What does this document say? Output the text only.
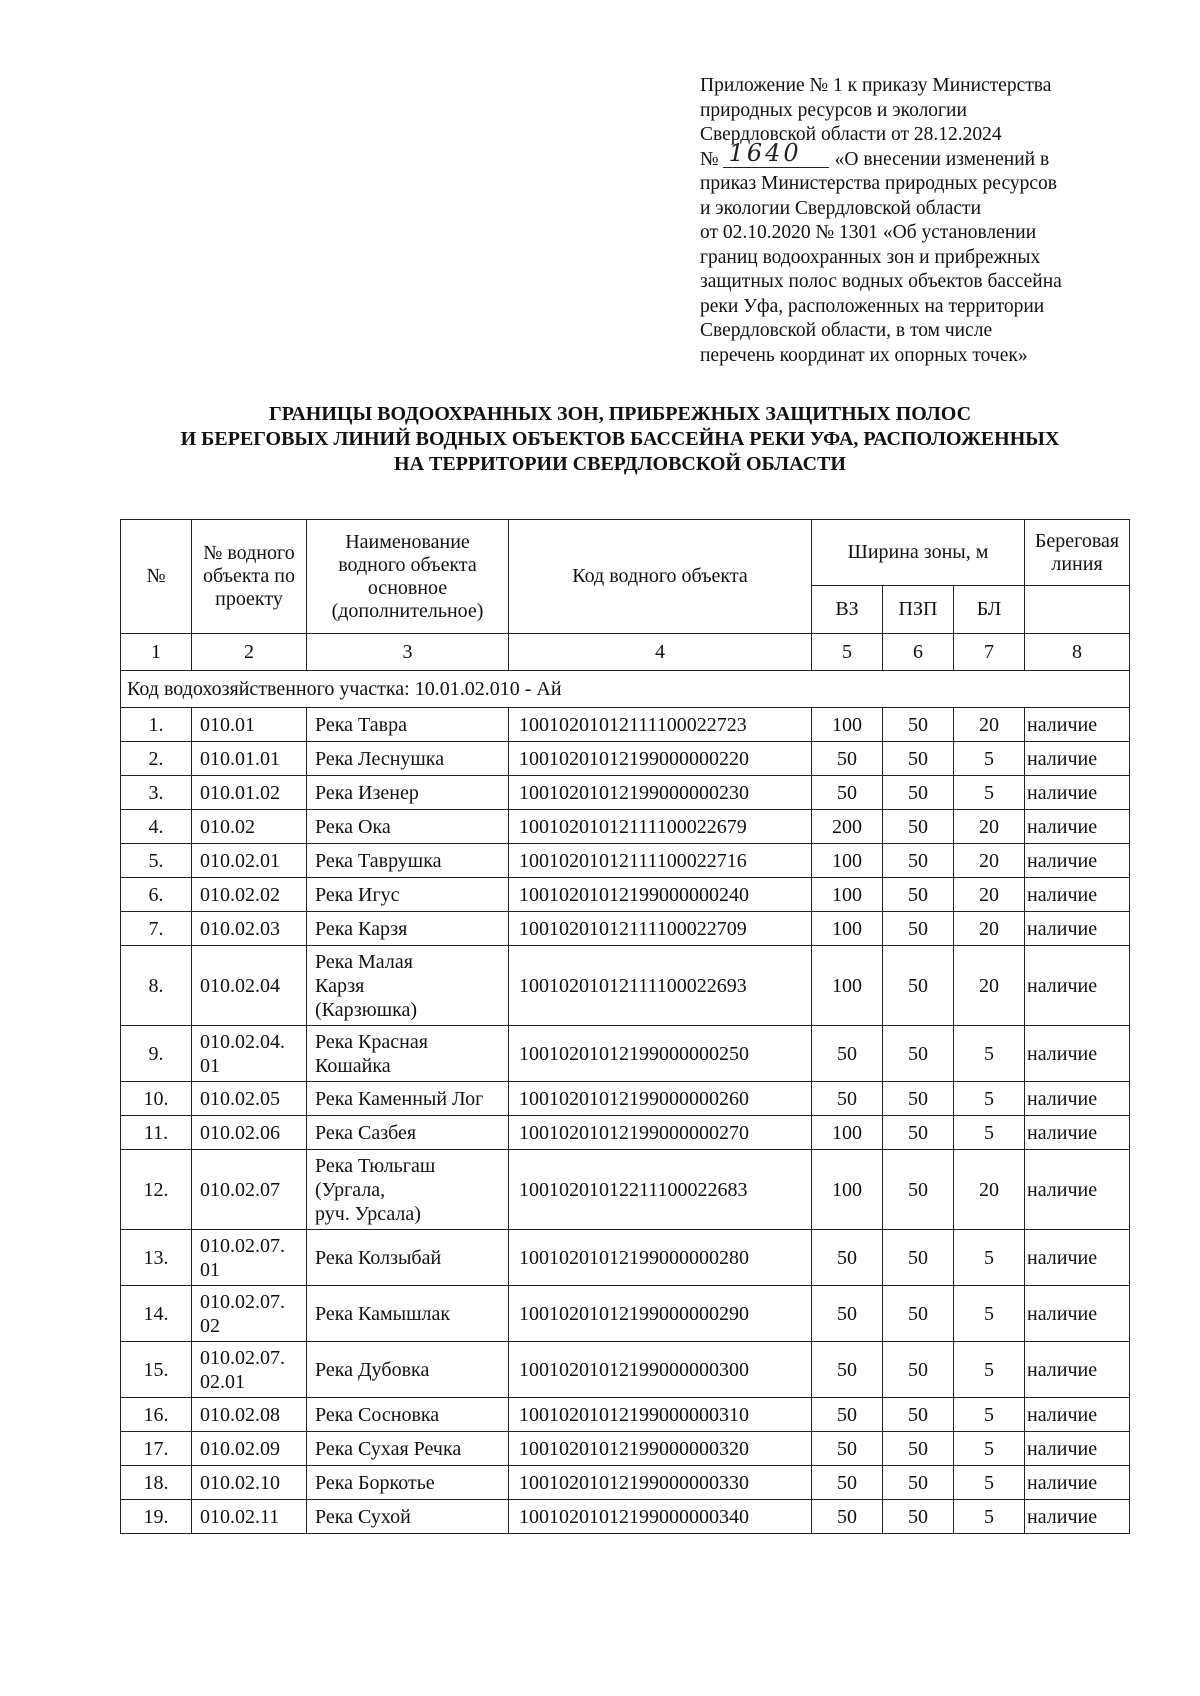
Приложение № 1 к приказу Министерства
природных ресурсов и экологии
Свердловской области от 28.12.2024
№ 1640 «О внесении изменений в
приказ Министерства природных ресурсов
и экологии Свердловской области
от 02.10.2020 № 1301 «Об установлении
границ водоохранных зон и прибрежных
защитных полос водных объектов бассейна
реки Уфа, расположенных на территории
Свердловской области, в том числе
перечень координат их опорных точек»
ГРАНИЦЫ ВОДООХРАННЫХ ЗОН, ПРИБРЕЖНЫХ ЗАЩИТНЫХ ПОЛОС
И БЕРЕГОВЫХ ЛИНИЙ ВОДНЫХ ОБЪЕКТОВ БАССЕЙНА РЕКИ УФА, РАСПОЛОЖЕННЫХ
НА ТЕРРИТОРИИ СВЕРДЛОВСКОЙ ОБЛАСТИ
№	№ водного объекта по проекту	Наименование водного объекта основное (дополнительное)	Код водного объекта	Ширина зоны, м			Береговая линия
				ВЗ	ПЗП	БЛ	
1	2	3	4	5	6	7	8
Код водохозяйственного участка: 10.01.02.010 - Ай							
1.	010.01	Река Тавра	10010201012111100022723	100	50	20	наличие
2.	010.01.01	Река Леснушка	10010201012199000000220	50	50	5	наличие
3.	010.01.02	Река Изенер	10010201012199000000230	50	50	5	наличие
4.	010.02	Река Ока	10010201012111100022679	200	50	20	наличие
5.	010.02.01	Река Таврушка	10010201012111100022716	100	50	20	наличие
6.	010.02.02	Река Игус	10010201012199000000240	100	50	20	наличие
7.	010.02.03	Река Карзя	10010201012111100022709	100	50	20	наличие
8.	010.02.04	Река Малая
Карзя
(Карзюшка)	10010201012111100022693	100	50	20	наличие
9.	010.02.04.
01	Река Красная
Кошайка	10010201012199000000250	50	50	5	наличие
10.	010.02.05	Река Каменный Лог	10010201012199000000260	50	50	5	наличие
11.	010.02.06	Река Сазбея	10010201012199000000270	100	50	5	наличие
12.	010.02.07	Река Тюльгаш
(Ургала,
руч. Урсала)	10010201012211100022683	100	50	20	наличие
13.	010.02.07.
01	Река Колзыбай	10010201012199000000280	50	50	5	наличие
14.	010.02.07.
02	Река Камышлак	10010201012199000000290	50	50	5	наличие
15.	010.02.07.
02.01	Река Дубовка	10010201012199000000300	50	50	5	наличие
16.	010.02.08	Река Сосновка	10010201012199000000310	50	50	5	наличие
17.	010.02.09	Река Сухая Речка	10010201012199000000320	50	50	5	наличие
18.	010.02.10	Река Боркотье	10010201012199000000330	50	50	5	наличие
19.	010.02.11	Река Сухой	10010201012199000000340	50	50	5	наличие
